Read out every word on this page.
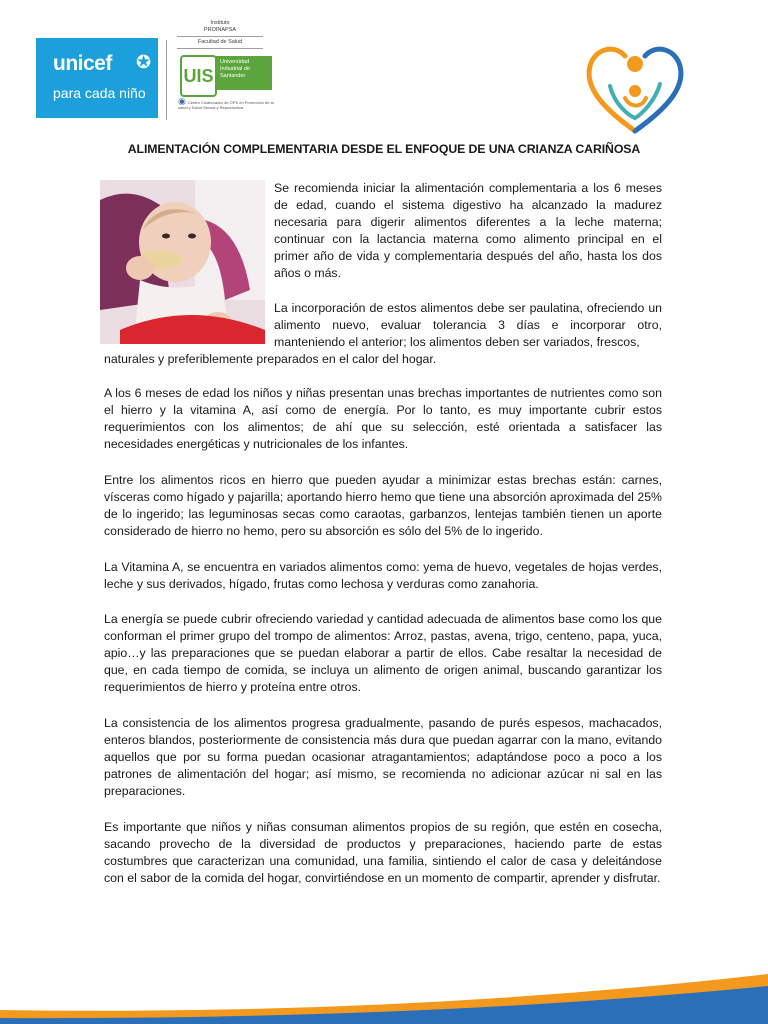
unicef ✪
para cada niño
Instituto
PROINAPSA
Facultad de Salud
UIS
Universidad Industrial de Santander
◉ Centro Colaborador de OPS en Promoción de la salud y Salud Sexual y Reproductiva
ALIMENTACIÓN COMPLEMENTARIA DESDE EL ENFOQUE DE UNA CRIANZA CARIÑOSA
Se recomienda iniciar la alimentación complementaria a los 6 meses de edad, cuando el sistema digestivo ha alcanzado la madurez necesaria para digerir alimentos diferentes a la leche materna; continuar con la lactancia materna como alimento principal en el primer año de vida y complementaria después del año, hasta los dos años o más.
La incorporación de estos alimentos debe ser paulatina, ofreciendo un alimento nuevo, evaluar tolerancia 3 días e incorporar otro, manteniendo el anterior; los alimentos deben ser variados, frescos,
naturales y preferiblemente preparados en el calor del hogar.
A los 6 meses de edad los niños y niñas presentan unas brechas importantes de nutrientes como son el hierro y la vitamina A, así como de energía. Por lo tanto, es muy importante cubrir estos requerimientos con los alimentos; de ahí que su selección, esté orientada a satisfacer las necesidades energéticas y nutricionales de los infantes.
Entre los alimentos ricos en hierro que pueden ayudar a minimizar estas brechas están: carnes, vísceras como hígado y pajarilla; aportando hierro hemo que tiene una absorción aproximada del 25% de lo ingerido; las leguminosas secas como caraotas, garbanzos, lentejas también tienen un aporte considerado de hierro no hemo, pero su absorción es sólo del 5% de lo ingerido.
La Vitamina A, se encuentra en variados alimentos como: yema de huevo, vegetales de hojas verdes, leche y sus derivados, hígado, frutas como lechosa y verduras como zanahoria.
La energía se puede cubrir ofreciendo variedad y cantidad adecuada de alimentos base como los que conforman el primer grupo del trompo de alimentos: Arroz, pastas, avena, trigo, centeno, papa, yuca, apio…y las preparaciones que se puedan elaborar a partir de ellos. Cabe resaltar la necesidad de que, en cada tiempo de comida, se incluya un alimento de origen animal, buscando garantizar los requerimientos de hierro y proteína entre otros.
La consistencia de los alimentos progresa gradualmente, pasando de purés espesos, machacados, enteros blandos, posteriormente de consistencia más dura que puedan agarrar con la mano, evitando aquellos que por su forma puedan ocasionar atragantamientos; adaptándose poco a poco a los patrones de alimentación del hogar; así mismo, se recomienda no adicionar azúcar ni sal en las preparaciones.
Es importante que niños y niñas consuman alimentos propios de su región, que estén en cosecha, sacando provecho de la diversidad de productos y preparaciones, haciendo parte de estas costumbres que caracterizan una comunidad, una familia, sintiendo el calor de casa y deleitándose con el sabor de la comida del hogar, convirtiéndose en un momento de compartir, aprender y disfrutar.
